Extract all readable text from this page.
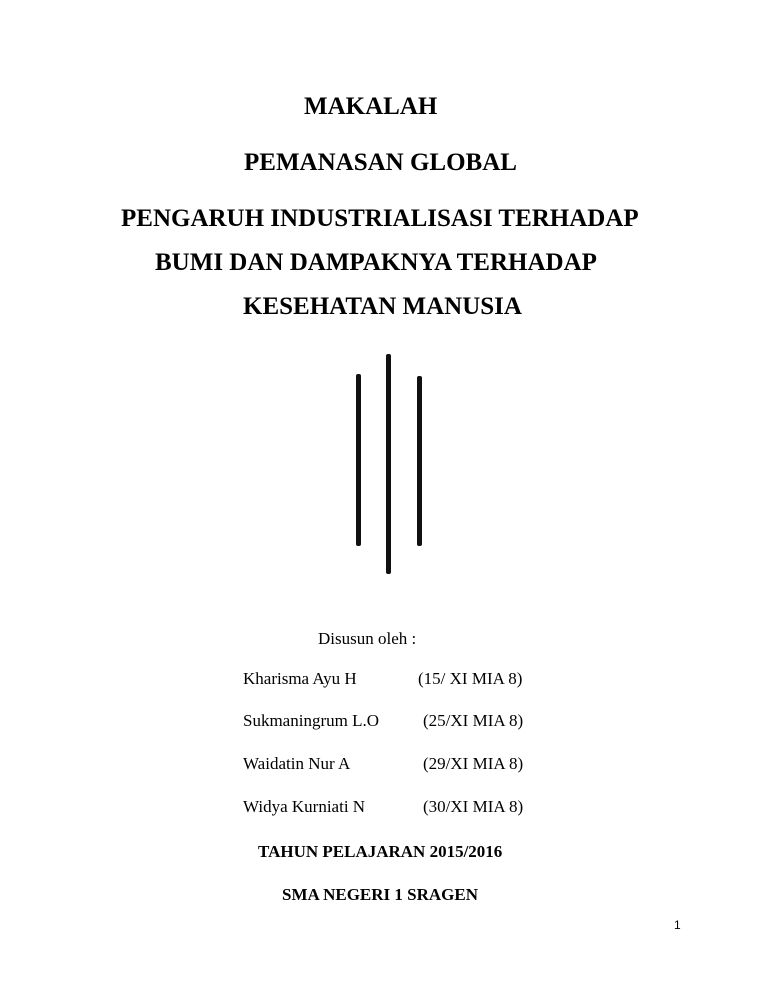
MAKALAH
PEMANASAN GLOBAL
PENGARUH INDUSTRIALISASI TERHADAP
BUMI DAN DAMPAKNYA TERHADAP
KESEHATAN MANUSIA
Disusun oleh :
Kharisma Ayu H	(15/ XI MIA 8)
Sukmaningrum L.O	(25/XI MIA 8)
Waidatin Nur A	(29/XI MIA 8)
Widya Kurniati N	(30/XI MIA 8)
TAHUN PELAJARAN 2015/2016
SMA NEGERI 1 SRAGEN
1
